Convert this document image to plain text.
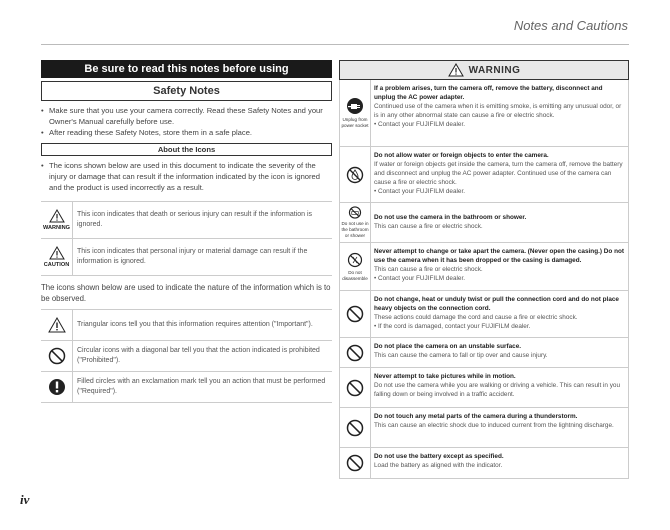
Notes and Cautions
Be sure to read this notes before using
Safety Notes
• Make sure that you use your camera correctly. Read these Safety Notes and your Owner's Manual carefully before use.
• After reading these Safety Notes, store them in a safe place.
About the Icons
• The icons shown below are used in this document to indicate the severity of the injury or damage that can result if the information indicated by the icon is ignored and the product is used incorrectly as a result.
WARNING
This icon indicates that death or serious injury can result if the information is ignored.
CAUTION
This icon indicates that personal injury or material damage can result if the information is ignored.

The icons shown below are used to indicate the nature of the information which is to be observed.

Triangular icons tell you that this information requires attention ("Important").
Circular icons with a diagonal bar tell you that the action indicated is prohibited ("Prohibited").
Filled circles with an exclamation mark tell you an action that must be performed ("Required").
WARNING
Unplug from power socket
If a problem arises, turn the camera off, remove the battery, disconnect and unplug the AC power adapter.
Continued use of the camera when it is emitting smoke, is emitting any unusual odor, or is in any other abnormal state can cause a fire or electric shock.
• Contact your FUJIFILM dealer.
Do not allow water or foreign objects to enter the camera.
If water or foreign objects get inside the camera, turn the camera off, remove the battery and disconnect and unplug the AC power adapter. Continued use of the camera can cause a fire or electric shock.
• Contact your FUJIFILM dealer.
Do not use in the bathroom or shower
Do not use the camera in the bathroom or shower.
This can cause a fire or electric shock.
Do not disassemble
Never attempt to change or take apart the camera. (Never open the casing.) Do not use the camera when it has been dropped or the casing is damaged.
This can cause a fire or electric shock.
• Contact your FUJIFILM dealer.
Do not change, heat or unduly twist or pull the connection cord and do not place heavy objects on the connection cord.
These actions could damage the cord and cause a fire or electric shock.
• If the cord is damaged, contact your FUJIFILM dealer.
Do not place the camera on an unstable surface.
This can cause the camera to fall or tip over and cause injury.
Never attempt to take pictures while in motion.
Do not use the camera while you are walking or driving a vehicle. This can result in you falling down or being involved in a traffic accident.
Do not touch any metal parts of the camera during a thunderstorm.
This can cause an electric shock due to induced current from the lightning discharge.
Do not use the battery except as specified.
Load the battery as aligned with the indicator.
iv
